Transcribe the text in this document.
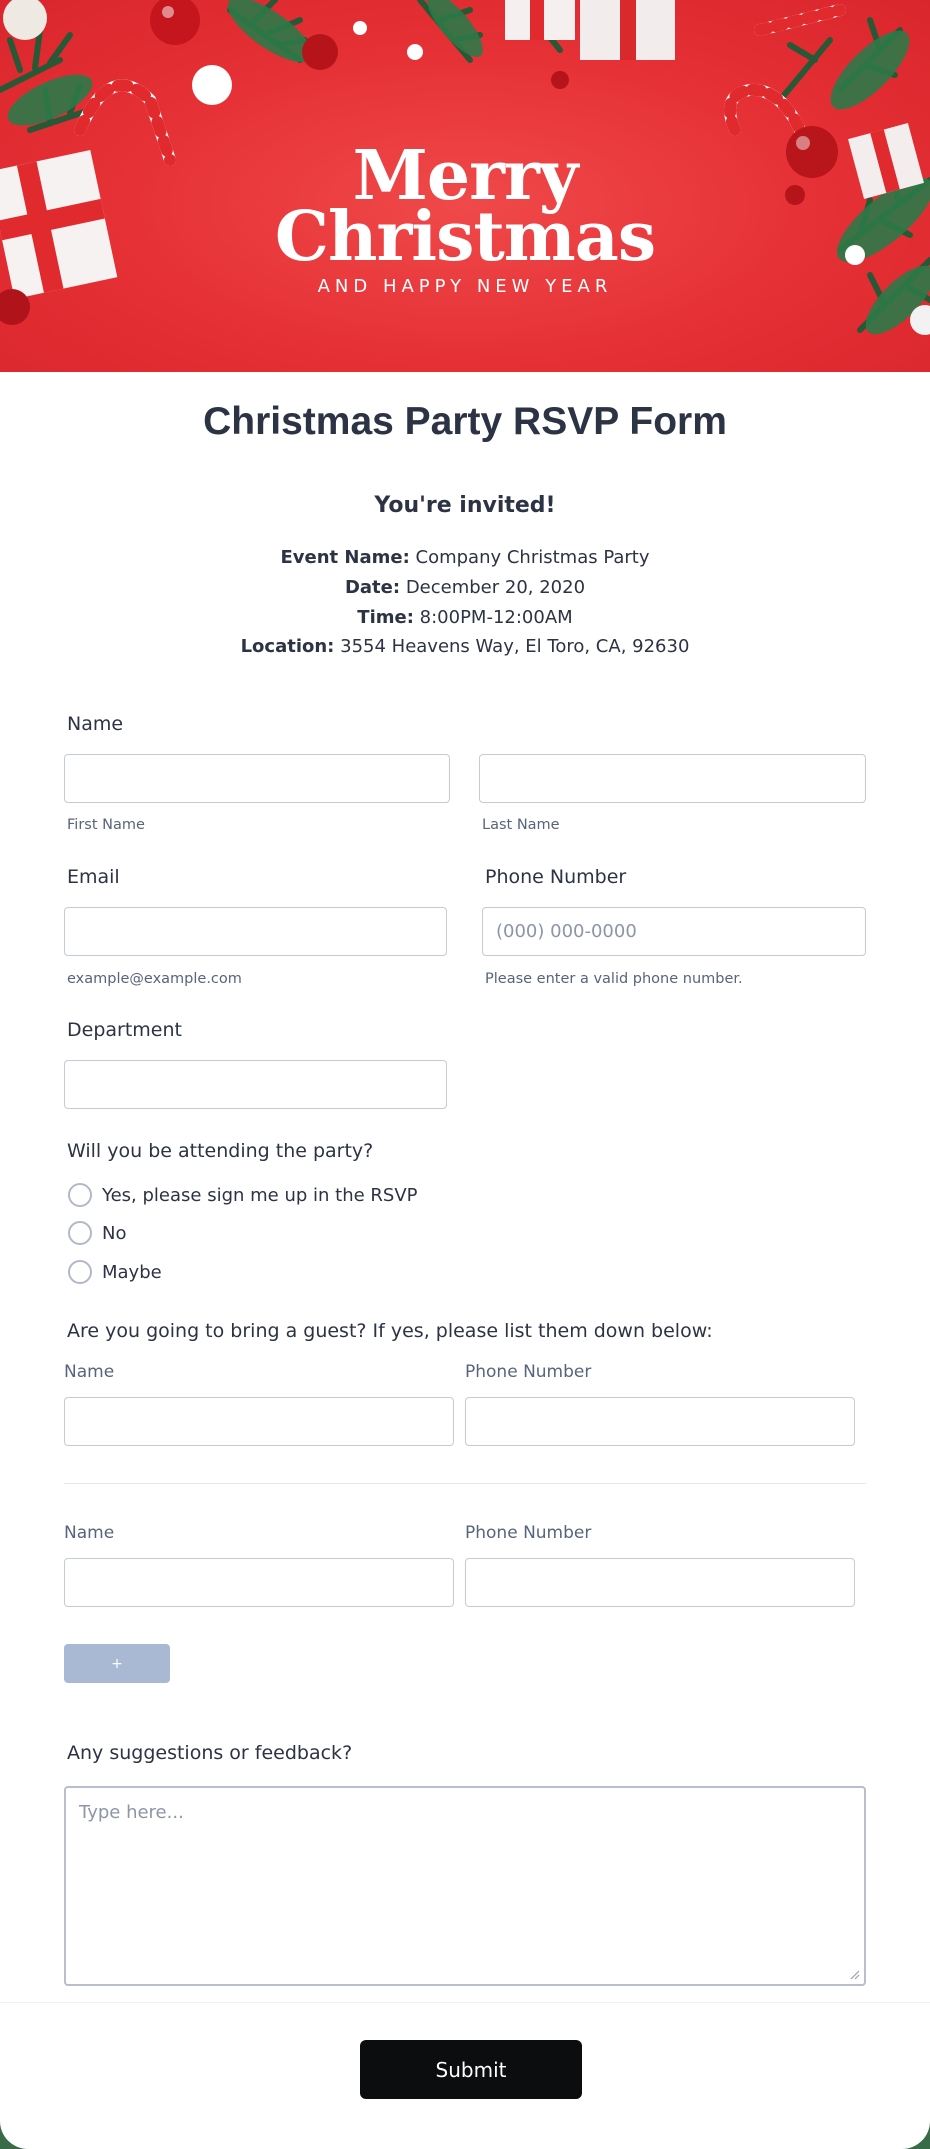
Merry
Christmas
AND HAPPY NEW YEAR
Christmas Party RSVP Form
You're invited!
Event Name: Company Christmas Party
Date: December 20, 2020
Time: 8:00PM-12:00AM
Location: 3554 Heavens Way, El Toro, CA, 92630
Name
First Name	Last Name
Email
example@example.com
Phone Number
(000) 000-0000
Please enter a valid phone number.
Department
Will you be attending the party?
Yes, please sign me up in the RSVP
No
Maybe
Are you going to bring a guest? If yes, please list them down below:
Name	Phone Number
Name	Phone Number
+
Any suggestions or feedback?
Type here...
Submit
